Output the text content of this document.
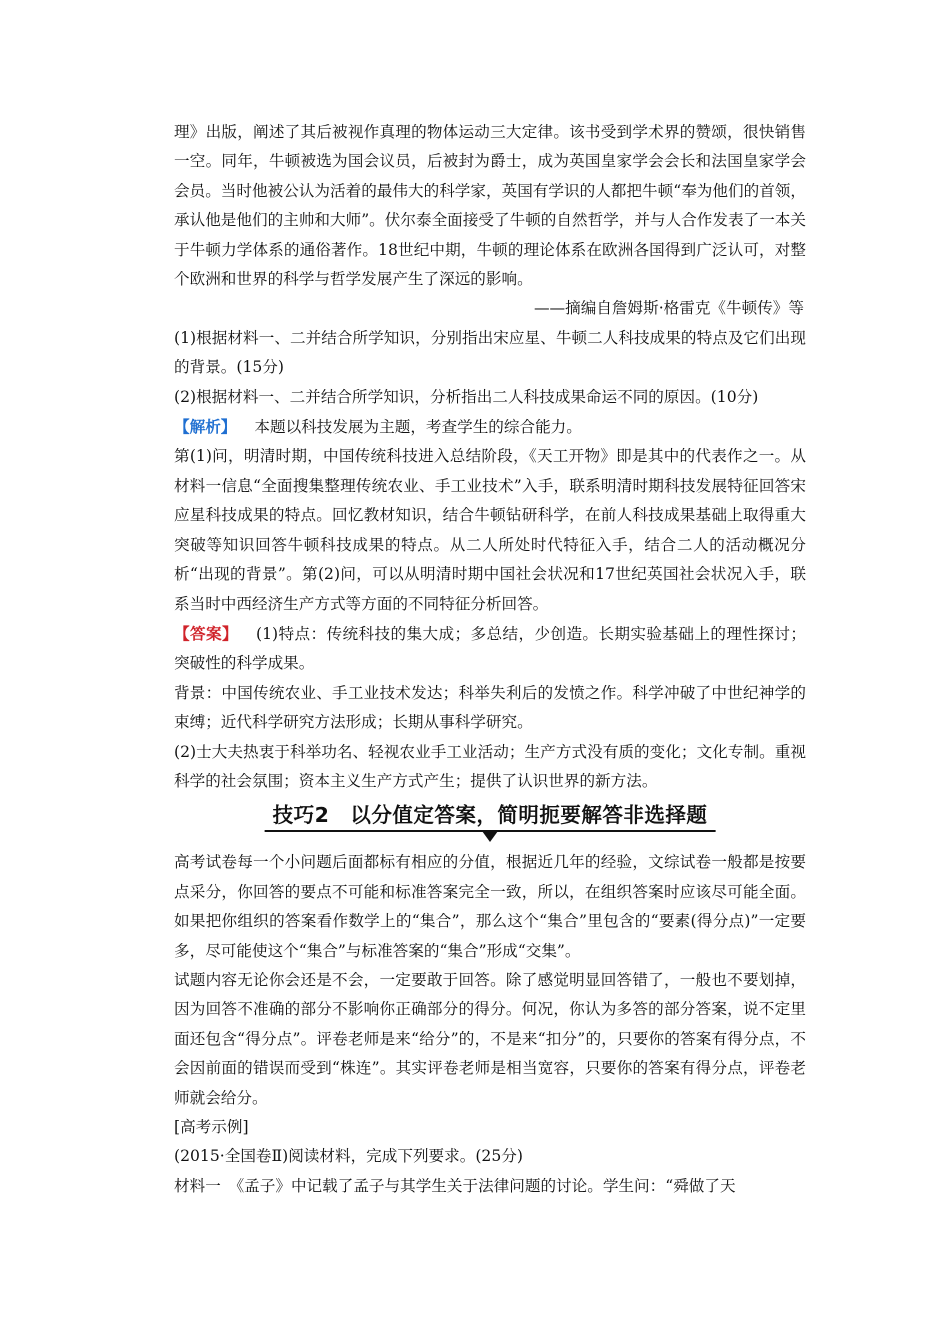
理》出版，阐述了其后被视作真理的物体运动三大定律。该书受到学术界的赞颂，很快销售一空。同年，牛顿被选为国会议员，后被封为爵士，成为英国皇家学会会长和法国皇家学会会员。当时他被公认为活着的最伟大的科学家，英国有学识的人都把牛顿“奉为他们的首领，承认他是他们的主帅和大师”。伏尔泰全面接受了牛顿的自然哲学，并与人合作发表了一本关于牛顿力学体系的通俗著作。18世纪中期，牛顿的理论体系在欧洲各国得到广泛认可，对整个欧洲和世界的科学与哲学发展产生了深远的影响。

——摘编自詹姆斯·格雷克《牛顿传》等

(1)根据材料一、二并结合所学知识，分别指出宋应星、牛顿二人科技成果的特点及它们出现的背景。(15分)

(2)根据材料一、二并结合所学知识，分析指出二人科技成果命运不同的原因。(10分)

【解析】 本题以科技发展为主题，考查学生的综合能力。

第(1)问，明清时期，中国传统科技进入总结阶段，《天工开物》即是其中的代表作之一。从材料一信息“全面搜集整理传统农业、手工业技术”入手，联系明清时期科技发展特征回答宋应星科技成果的特点。回忆教材知识，结合牛顿钻研科学，在前人科技成果基础上取得重大突破等知识回答牛顿科技成果的特点。从二人所处时代特征入手，结合二人的活动概况分析“出现的背景”。第(2)问，可以从明清时期中国社会状况和17世纪英国社会状况入手，联系当时中西经济生产方式等方面的不同特征分析回答。

【答案】 (1)特点：传统科技的集大成；多总结，少创造。长期实验基础上的理性探讨；突破性的科学成果。

背景：中国传统农业、手工业技术发达；科举失利后的发愤之作。科学冲破了中世纪神学的束缚；近代科学研究方法形成；长期从事科学研究。

(2)士大夫热衷于科举功名、轻视农业手工业活动；生产方式没有质的变化；文化专制。重视科学的社会氛围；资本主义生产方式产生；提供了认识世界的新方法。

技巧2　以分值定答案，简明扼要解答非选择题

高考试卷每一个小问题后面都标有相应的分值，根据近几年的经验，文综试卷一般都是按要点采分，你回答的要点不可能和标准答案完全一致，所以，在组织答案时应该尽可能全面。如果把你组织的答案看作数学上的“集合”，那么这个“集合”里包含的“要素(得分点)”一定要多，尽可能使这个“集合”与标准答案的“集合”形成“交集”。

试题内容无论你会还是不会，一定要敢于回答。除了感觉明显回答错了，一般也不要划掉，因为回答不准确的部分不影响你正确部分的得分。何况，你认为多答的部分答案，说不定里面还包含“得分点”。评卷老师是来“给分”的，不是来“扣分”的，只要你的答案有得分点，不会因前面的错误而受到“株连”。其实评卷老师是相当宽容，只要你的答案有得分点，评卷老师就会给分。

[高考示例]

(2015·全国卷Ⅱ)阅读材料，完成下列要求。(25分)

材料一　《孟子》中记载了孟子与其学生关于法律问题的讨论。学生问：“舜做了天
